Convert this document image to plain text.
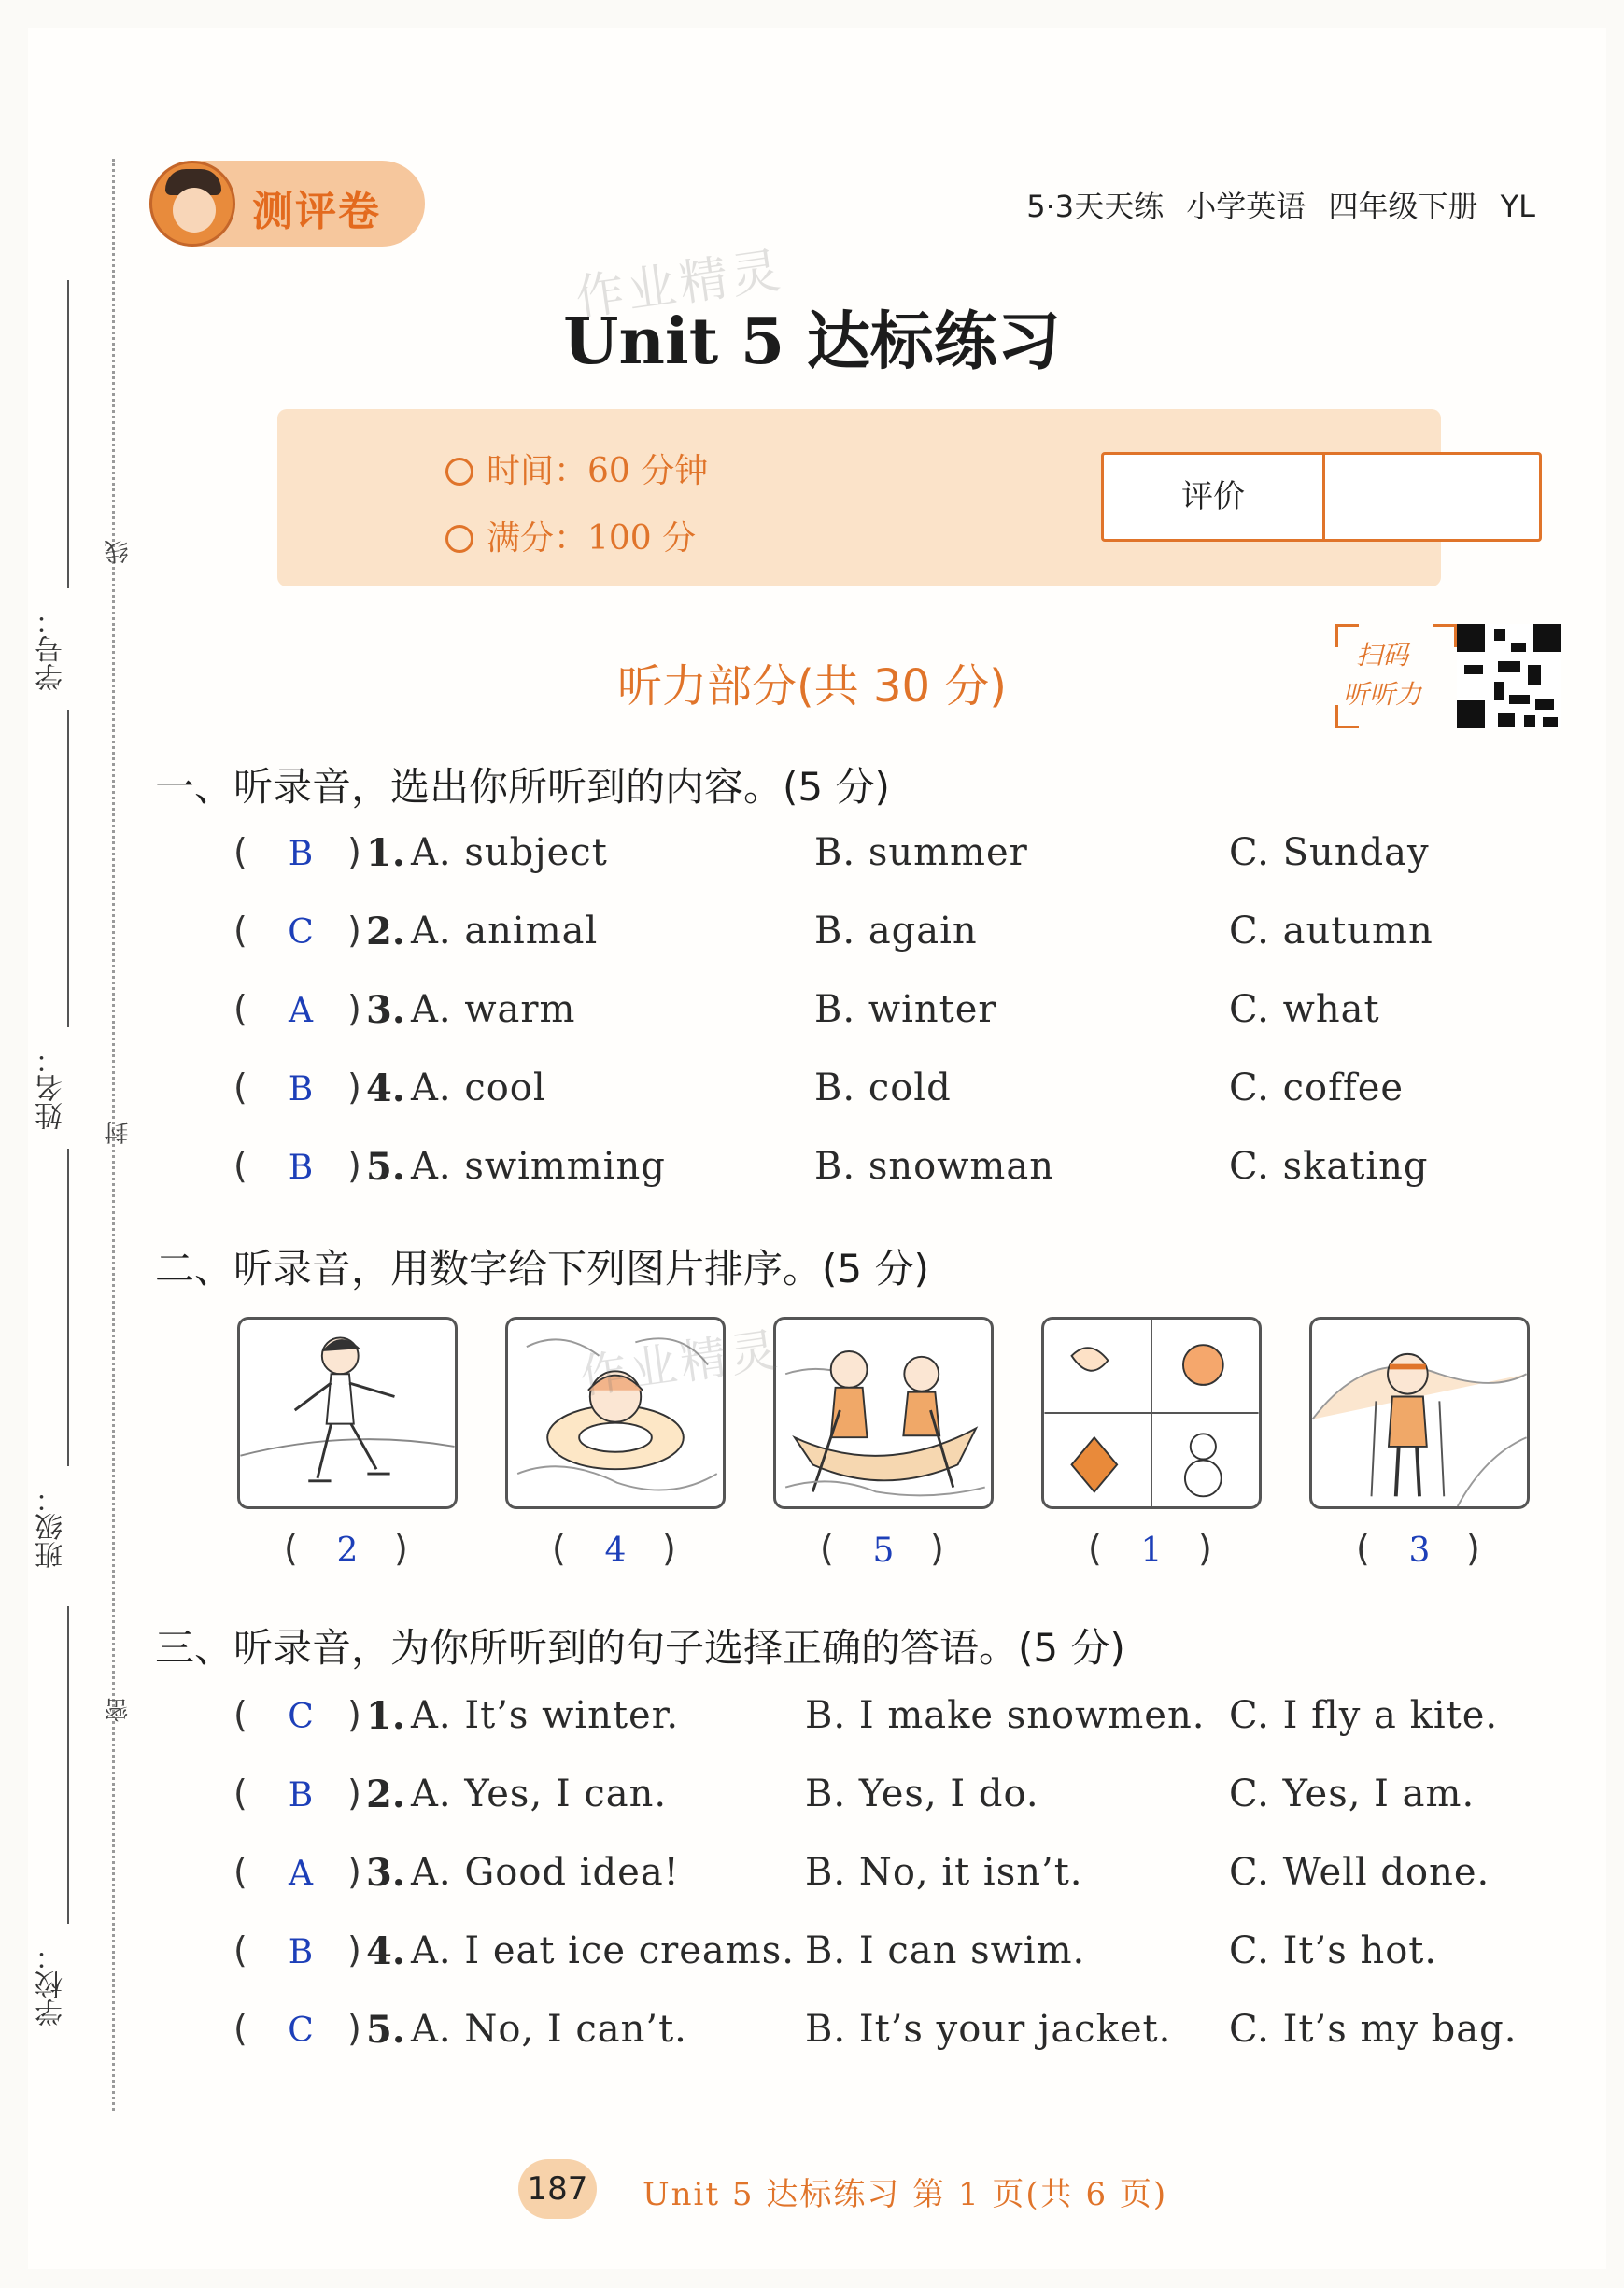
学号：
姓名：
班级：
学校：
线
封
密
测评卷	5·3天天练 小学英语 四年级下册 YL
作业精灵
Unit 5 达标练习
时间：60 分钟
满分：100 分
评价
听力部分(共 30 分)
扫码
听听力
一、听录音，选出你所听到的内容。(5 分)
(	B ) 1. A. subject	B. summer	C. Sunday
(	C ) 2. A. animal	B. again	C. autumn
(	A ) 3. A. warm	B. winter	C. what
(	B ) 4. A. cool	B. cold	C. coffee
(	B ) 5. A. swimming	B. snowman	C. skating
二、听录音，用数字给下列图片排序。(5 分)
作业精灵
(	2	)	(	4	)	(	5	)	(	1	)	(	3	)
三、听录音，为你所听到的句子选择正确的答语。(5 分)
(	C ) 1. A. It’s winter.	B. I make snowmen. C. I fly a kite.
(	B ) 2. A. Yes, I can.	B. Yes, I do.	C. Yes, I am.
(	A ) 3. A. Good idea!	B. No, it isn’t.	C. Well done.
(	B ) 4. A. I eat ice creams. B. I can swim.	C. It’s hot.
(	C ) 5. A. No, I can’t.	B. It’s your jacket. C. It’s my bag.
187 Unit 5 达标练习 第 1 页(共 6 页)
